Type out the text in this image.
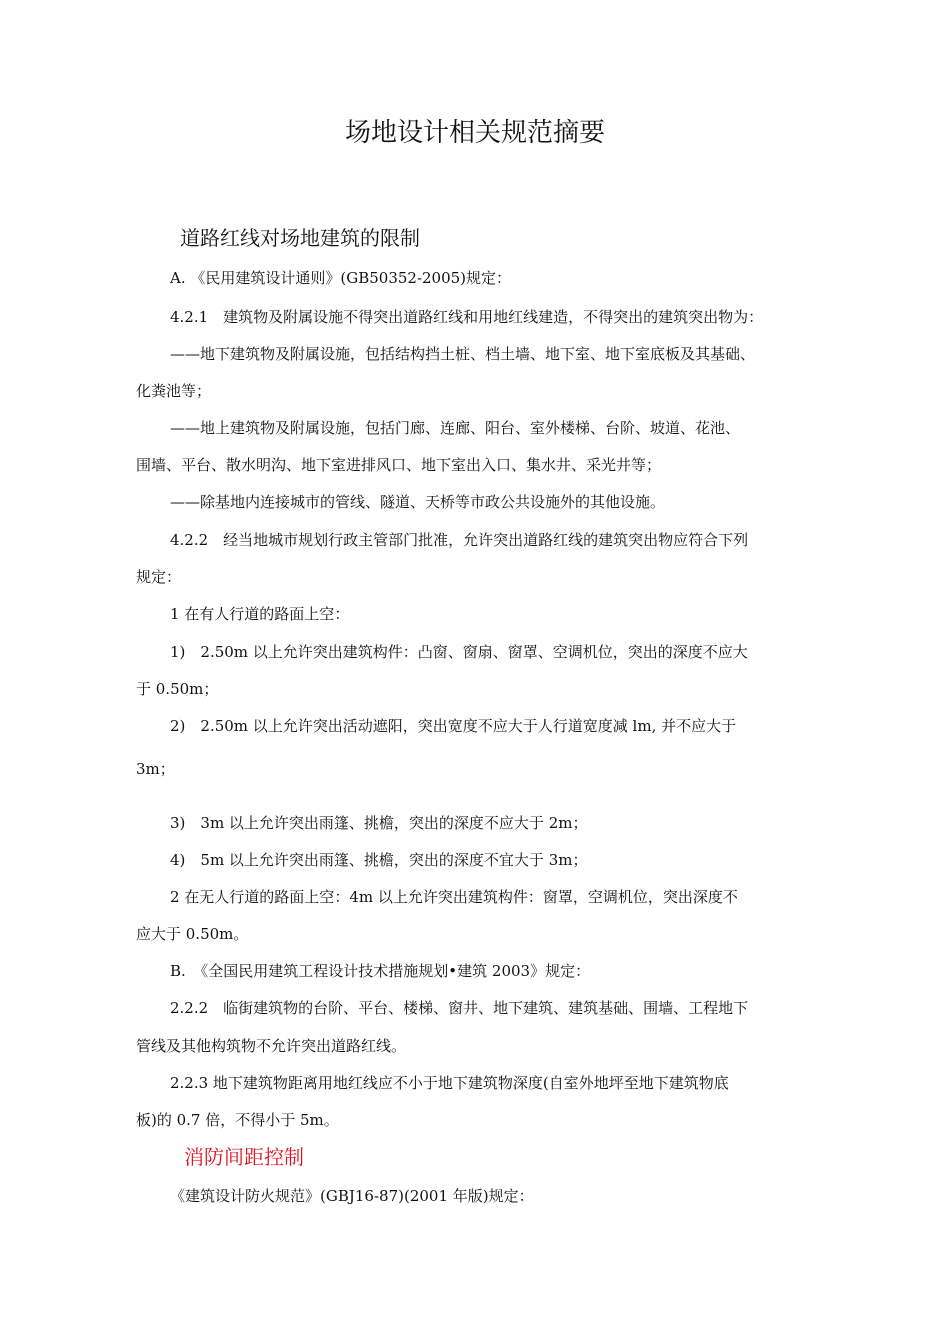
场地设计相关规范摘要
道路红线对场地建筑的限制

A. 《民用建筑设计通则》(GB50352-2005)规定：

4.2.1　建筑物及附属设施不得突出道路红线和用地红线建造，不得突出的建筑突出物为：

——地下建筑物及附属设施，包括结构挡土桩、档土墙、地下室、地下室底板及其基础、

化粪池等；

——地上建筑物及附属设施，包括门廊、连廊、阳台、室外楼梯、台阶、坡道、花池、

围墙、平台、散水明沟、地下室进排风口、地下室出入口、集水井、采光井等；

——除基地内连接城市的管线、隧道、天桥等市政公共设施外的其他设施。

4.2.2　经当地城市规划行政主管部门批准，允许突出道路红线的建筑突出物应符合下列

规定：

1 在有人行道的路面上空：

1)　2.50m 以上允许突出建筑构件：凸窗、窗扇、窗罩、空调机位，突出的深度不应大

于 0.50m；

2)　2.50m 以上允许突出活动遮阳，突出宽度不应大于人行道宽度减 lm, 并不应大于

3m；

3)　3m 以上允许突出雨篷、挑檐，突出的深度不应大于 2m；

4)　5m 以上允许突出雨篷、挑檐，突出的深度不宜大于 3m；

2 在无人行道的路面上空：4m 以上允许突出建筑构件：窗罩，空调机位，突出深度不

应大于 0.50m。

B.　《全国民用建筑工程设计技术措施规划•建筑 2003》规定：

2.2.2　临街建筑物的台阶、平台、楼梯、窗井、地下建筑、建筑基础、围墙、工程地下

管线及其他构筑物不允许突出道路红线。

2.2.3 地下建筑物距离用地红线应不小于地下建筑物深度(自室外地坪至地下建筑物底

板)的 0.7 倍，不得小于 5m。

消防间距控制

《建筑设计防火规范》(GBJ16-87)(2001 年版)规定：
